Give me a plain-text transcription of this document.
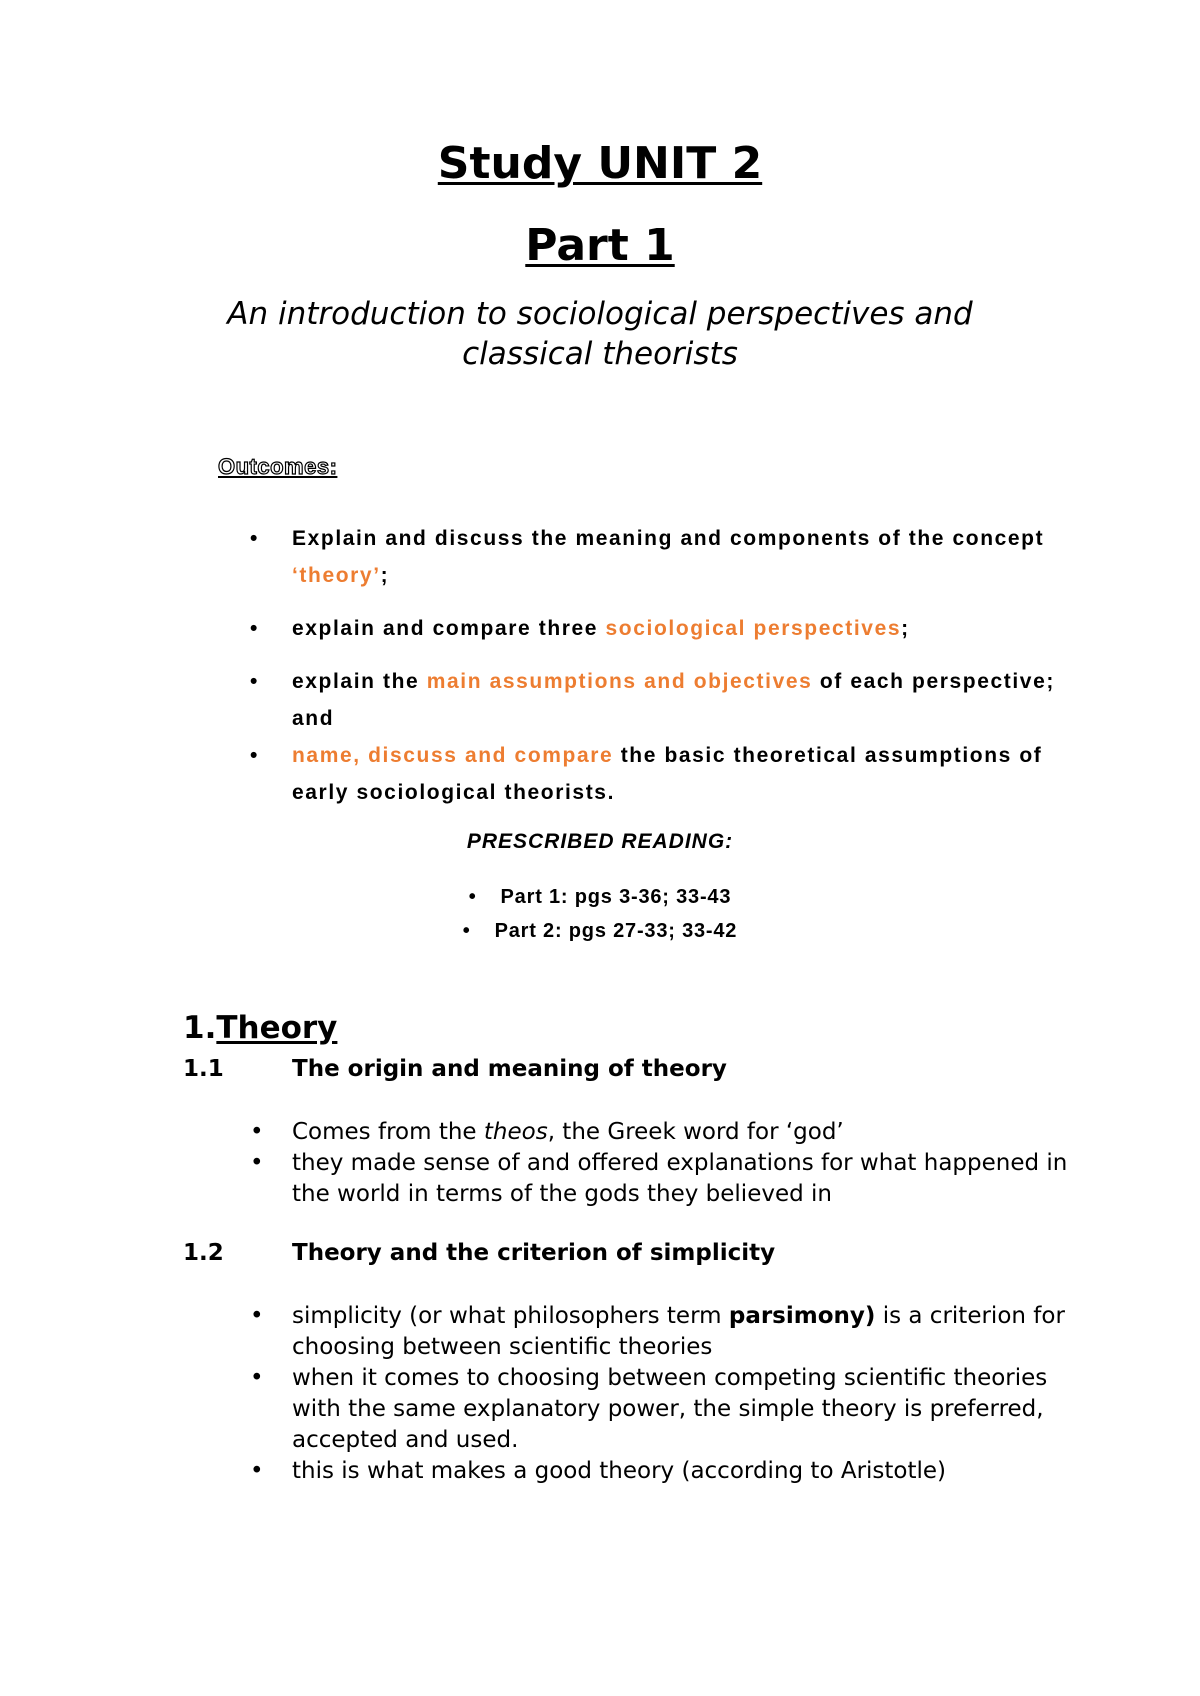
Study UNIT 2
Part 1
An introduction to sociological perspectives and
classical theorists
Outcomes:
• Explain and discuss the meaning and components of the concept ‘theory’;
• explain and compare three sociological perspectives;
• explain the main assumptions and objectives of each perspective; and
• name, discuss and compare the basic theoretical assumptions of early sociological theorists.
PRESCRIBED READING:
• Part 1: pgs 3-36; 33-43
• Part 2: pgs 27-33; 33-42
1.Theory
1.1	The origin and meaning of theory
• Comes from the theos, the Greek word for ‘god’
• they made sense of and offered explanations for what happened in the world in terms of the gods they believed in
1.2	Theory and the criterion of simplicity
• simplicity (or what philosophers term parsimony) is a criterion for choosing between scientific theories
• when it comes to choosing between competing scientific theories with the same explanatory power, the simple theory is preferred, accepted and used.
• this is what makes a good theory (according to Aristotle)
